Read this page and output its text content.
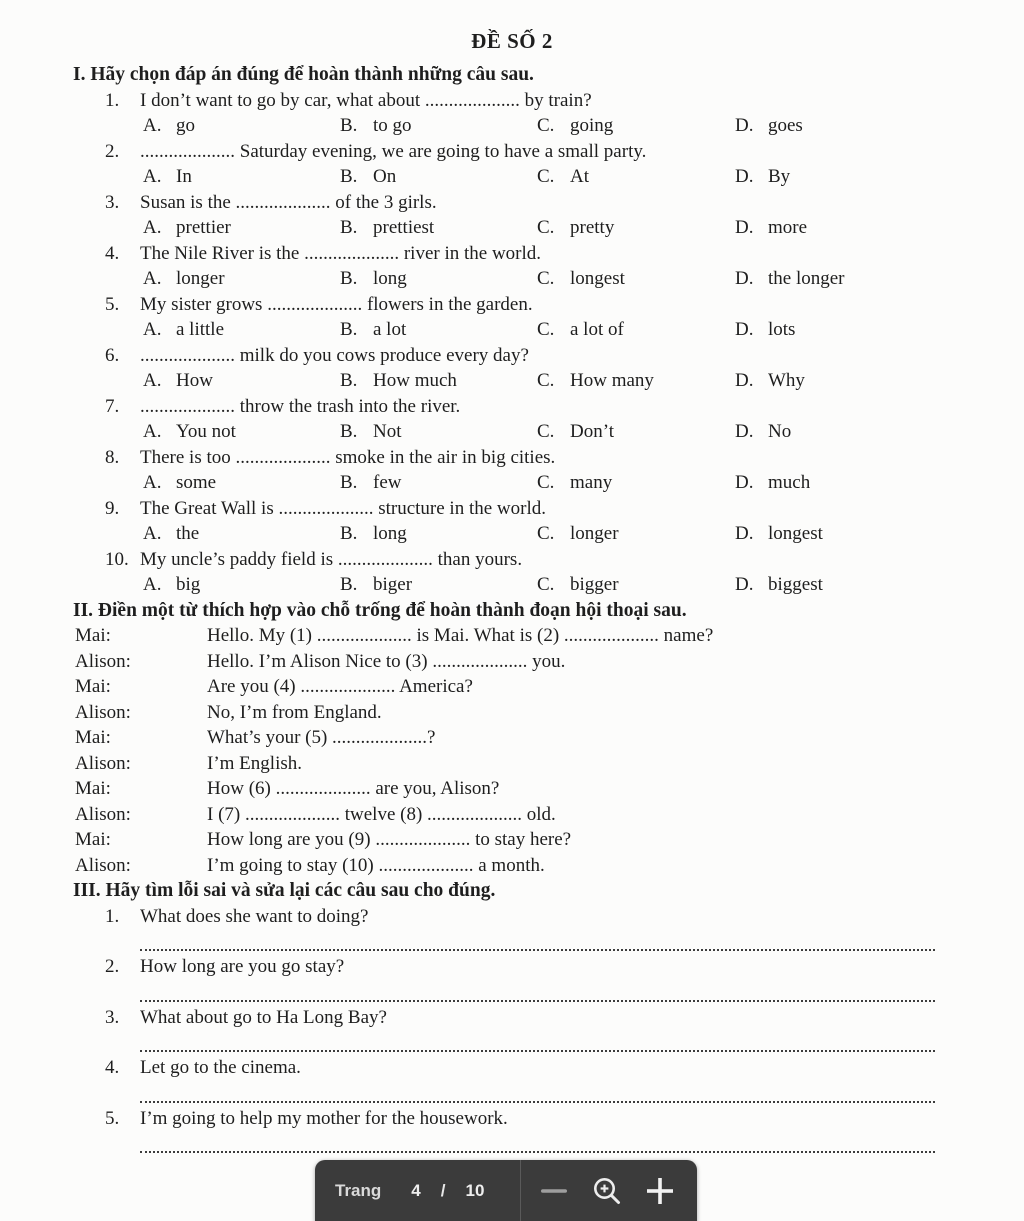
ĐỀ SỐ 2
I. Hãy chọn đáp án đúng để hoàn thành những câu sau.
1.	I don’t want to go by car, what about .................... by train?
A. go	B. to go	C. going	D. goes
2.	.................... Saturday evening, we are going to have a small party.
A. In	B. On	C. At	D. By
3.	Susan is the .................... of the 3 girls.
A. prettier	B. prettiest	C. pretty	D. more
4.	The Nile River is the .................... river in the world.
A. longer	B. long	C. longest	D. the longer
5.	My sister grows .................... flowers in the garden.
A. a little	B. a lot	C. a lot of	D. lots
6.	.................... milk do you cows produce every day?
A. How	B. How much	C. How many	D. Why
7.	.................... throw the trash into the river.
A. You not	B. Not	C. Don’t	D. No
8.	There is too .................... smoke in the air in big cities.
A. some	B. few	C. many	D. much
9.	The Great Wall is .................... structure in the world.
A. the	B. long	C. longer	D. longest
10. My uncle’s paddy field is .................... than yours.
A. big	B. biger	C. bigger	D. biggest
II. Điền một từ thích hợp vào chỗ trống để hoàn thành đoạn hội thoại sau.
Mai:	Hello. My (1) .................... is Mai. What is (2) .................... name?
Alison:	Hello. I’m Alison Nice to (3) .................... you.
Mai:	Are you (4) .................... America?
Alison:	No, I’m from England.
Mai:	What’s your (5) ....................?
Alison:	I’m English.
Mai:	How (6) .................... are you, Alison?
Alison:	I (7) .................... twelve (8) .................... old.
Mai:	How long are you (9) .................... to stay here?
Alison:	I’m going to stay (10) .................... a month.
III. Hãy tìm lỗi sai và sửa lại các câu sau cho đúng.
1.	What does she want to doing?
2.	How long are you go stay?
3.	What about go to Ha Long Bay?
4.	Let go to the cinema.
5.	I’m going to help my mother for the housework.
Trang 4 / 10
